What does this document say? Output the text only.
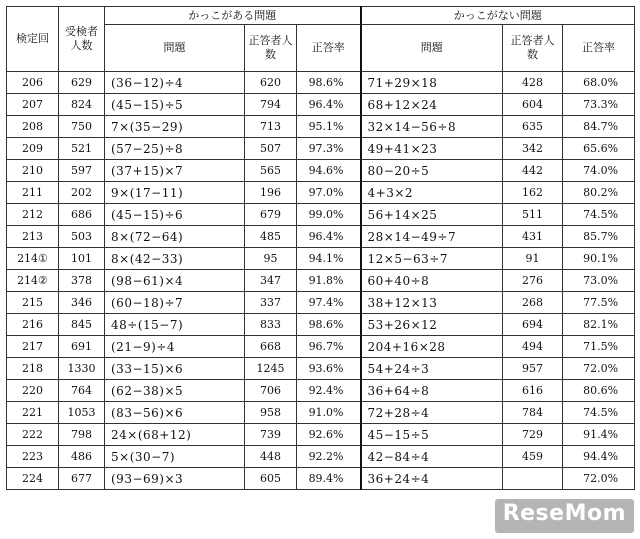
検定回	受検者人数	かっこがある問題			かっこがない問題		
		問題	正答者人数	正答率	問題	正答者人数	正答率
206	629	(36−12)÷4	620	98.6%	71+29×18	428	68.0%
207	824	(45−15)÷5	794	96.4%	68+12×24	604	73.3%
208	750	7×(35−29)	713	95.1%	32×14−56÷8	635	84.7%
209	521	(57−25)÷8	507	97.3%	49+41×23	342	65.6%
210	597	(37+15)×7	565	94.6%	80−20÷5	442	74.0%
211	202	9×(17−11)	196	97.0%	4+3×2	162	80.2%
212	686	(45−15)÷6	679	99.0%	56+14×25	511	74.5%
213	503	8×(72−64)	485	96.4%	28×14−49÷7	431	85.7%
214①	101	8×(42−33)	95	94.1%	12×5−63÷7	91	90.1%
214②	378	(98−61)×4	347	91.8%	60+40÷8	276	73.0%
215	346	(60−18)÷7	337	97.4%	38+12×13	268	77.5%
216	845	48÷(15−7)	833	98.6%	53+26×12	694	82.1%
217	691	(21−9)÷4	668	96.7%	204+16×28	494	71.5%
218	1330	(33−15)×6	1245	93.6%	54+24÷3	957	72.0%
220	764	(62−38)×5	706	92.4%	36+64÷8	616	80.6%
221	1053	(83−56)×6	958	91.0%	72+28÷4	784	74.5%
222	798	24×(68+12)	739	92.6%	45−15÷5	729	91.4%
223	486	5×(30−7)	448	92.2%	42−84÷4	459	94.4%
224	677	(93−69)×3	605	89.4%	36+24÷4		72.0%
ReseMom
